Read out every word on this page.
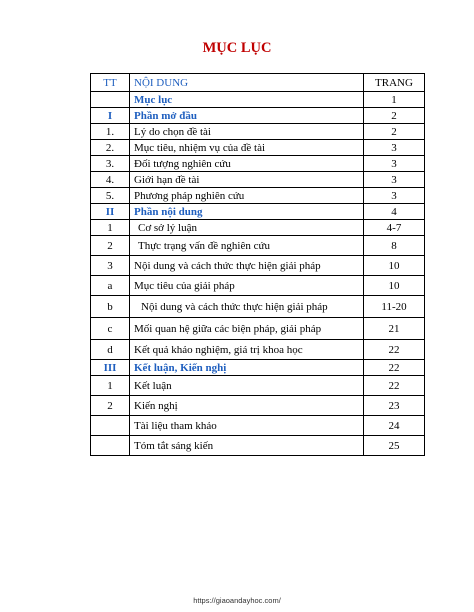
MỤC LỤC
TT	NỘI DUNG	TRANG
	Mục lục	1
I	Phần mở đầu	2
1.	Lý do chọn đề tài	2
2.	Mục tiêu, nhiệm vụ của đề tài	3
3.	Đối tượng nghiên cứu	3
4.	Giới hạn đề tài	3
5.	Phương pháp nghiên cứu	3
II	Phần nội dung	4
1	Cơ sở lý luận	4-7
2	Thực trạng vấn đề nghiên cứu	8
3	Nội dung và cách thức thực hiện giải pháp	10
a	Mục tiêu của giải pháp	10
b	Nội dung và cách thức thực hiện giải pháp	11-20
c	Mối quan hệ giữa các biện pháp, giải pháp	21
d	Kết quả khảo nghiệm, giá trị khoa học	22
III	Kết luận, Kiến nghị	22
1	Kết luận	22
2	Kiến nghị	23
	Tài liệu tham khảo	24
	Tóm tắt sáng kiến	25
https://giaoandayhoc.com/
